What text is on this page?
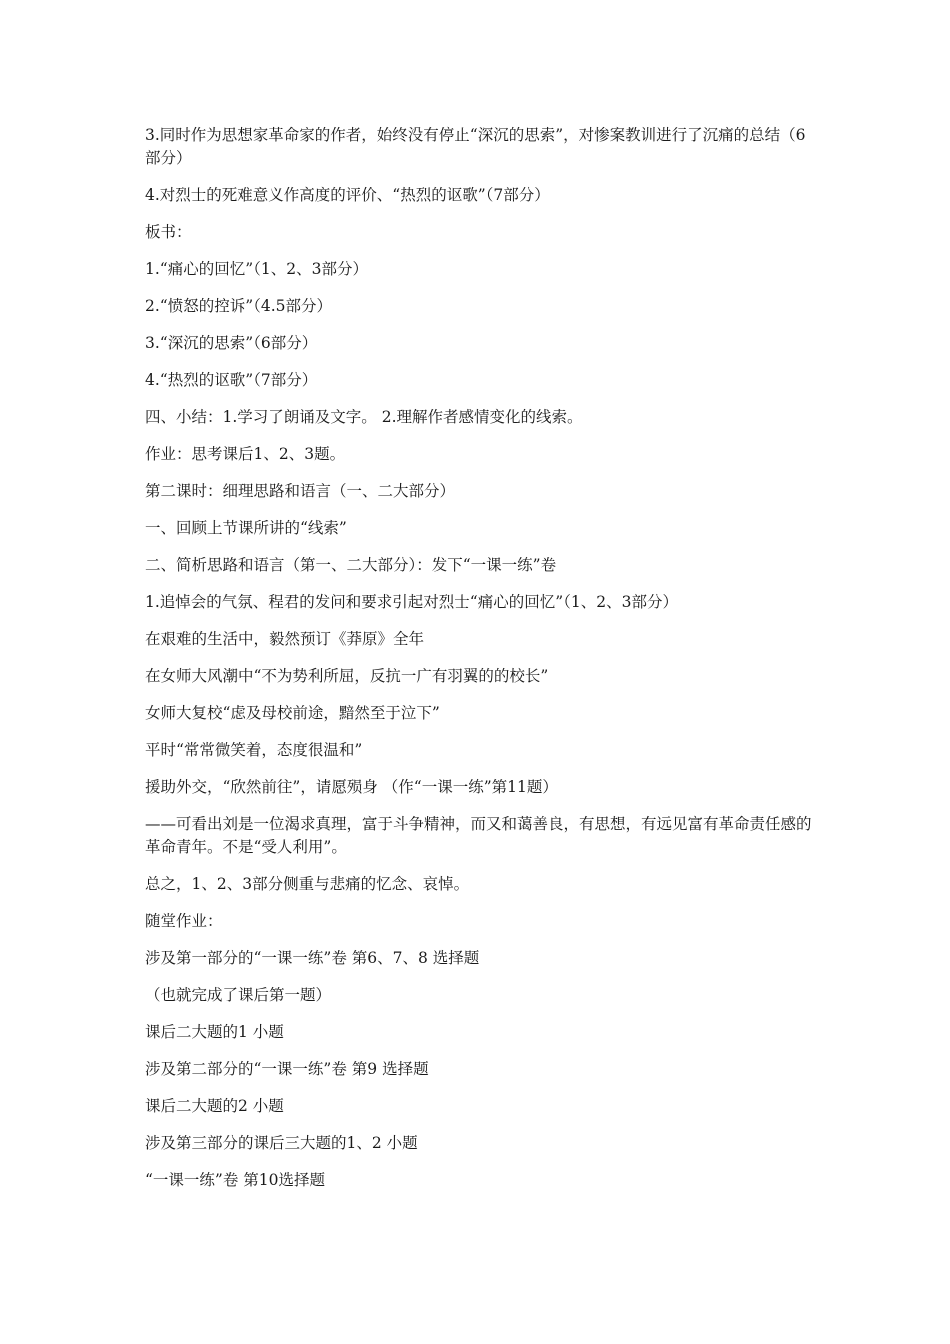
3.同时作为思想家革命家的作者，始终没有停止“深沉的思索”，对惨案教训进行了沉痛的总结（6部分）

4.对烈士的死难意义作高度的评价、“热烈的讴歌”（7部分）

板书：

1.“痛心的回忆”（1、2、3部分）

2.“愤怒的控诉”（4.5部分）

3.“深沉的思索”（6部分）

4.“热烈的讴歌”（7部分）

四、小结：1.学习了朗诵及文字。 2.理解作者感情变化的线索。

作业：思考课后1、2、3题。

第二课时：细理思路和语言（一、二大部分）

一、回顾上节课所讲的“线索”

二、简析思路和语言（第一、二大部分）：发下“一课一练”卷

1.追悼会的气氛、程君的发问和要求引起对烈士“痛心的回忆”（1、2、3部分）

在艰难的生活中，毅然预订《莽原》全年

在女师大风潮中“不为势利所屈，反抗一广有羽翼的的校长”

女师大复校“虑及母校前途，黯然至于泣下”

平时“常常微笑着，态度很温和”

援助外交，“欣然前往”，请愿殒身 （作“一课一练”第11题）

——可看出刘是一位渴求真理，富于斗争精神，而又和蔼善良，有思想，有远见富有革命责任感的革命青年。不是“受人利用”。

总之，1、2、3部分侧重与悲痛的忆念、哀悼。

随堂作业：

涉及第一部分的“一课一练”卷 第6、7、8 选择题

（也就完成了课后第一题）

课后二大题的1 小题

涉及第二部分的“一课一练”卷 第9 选择题

课后二大题的2 小题

涉及第三部分的课后三大题的1、2 小题

“一课一练”卷 第10选择题
